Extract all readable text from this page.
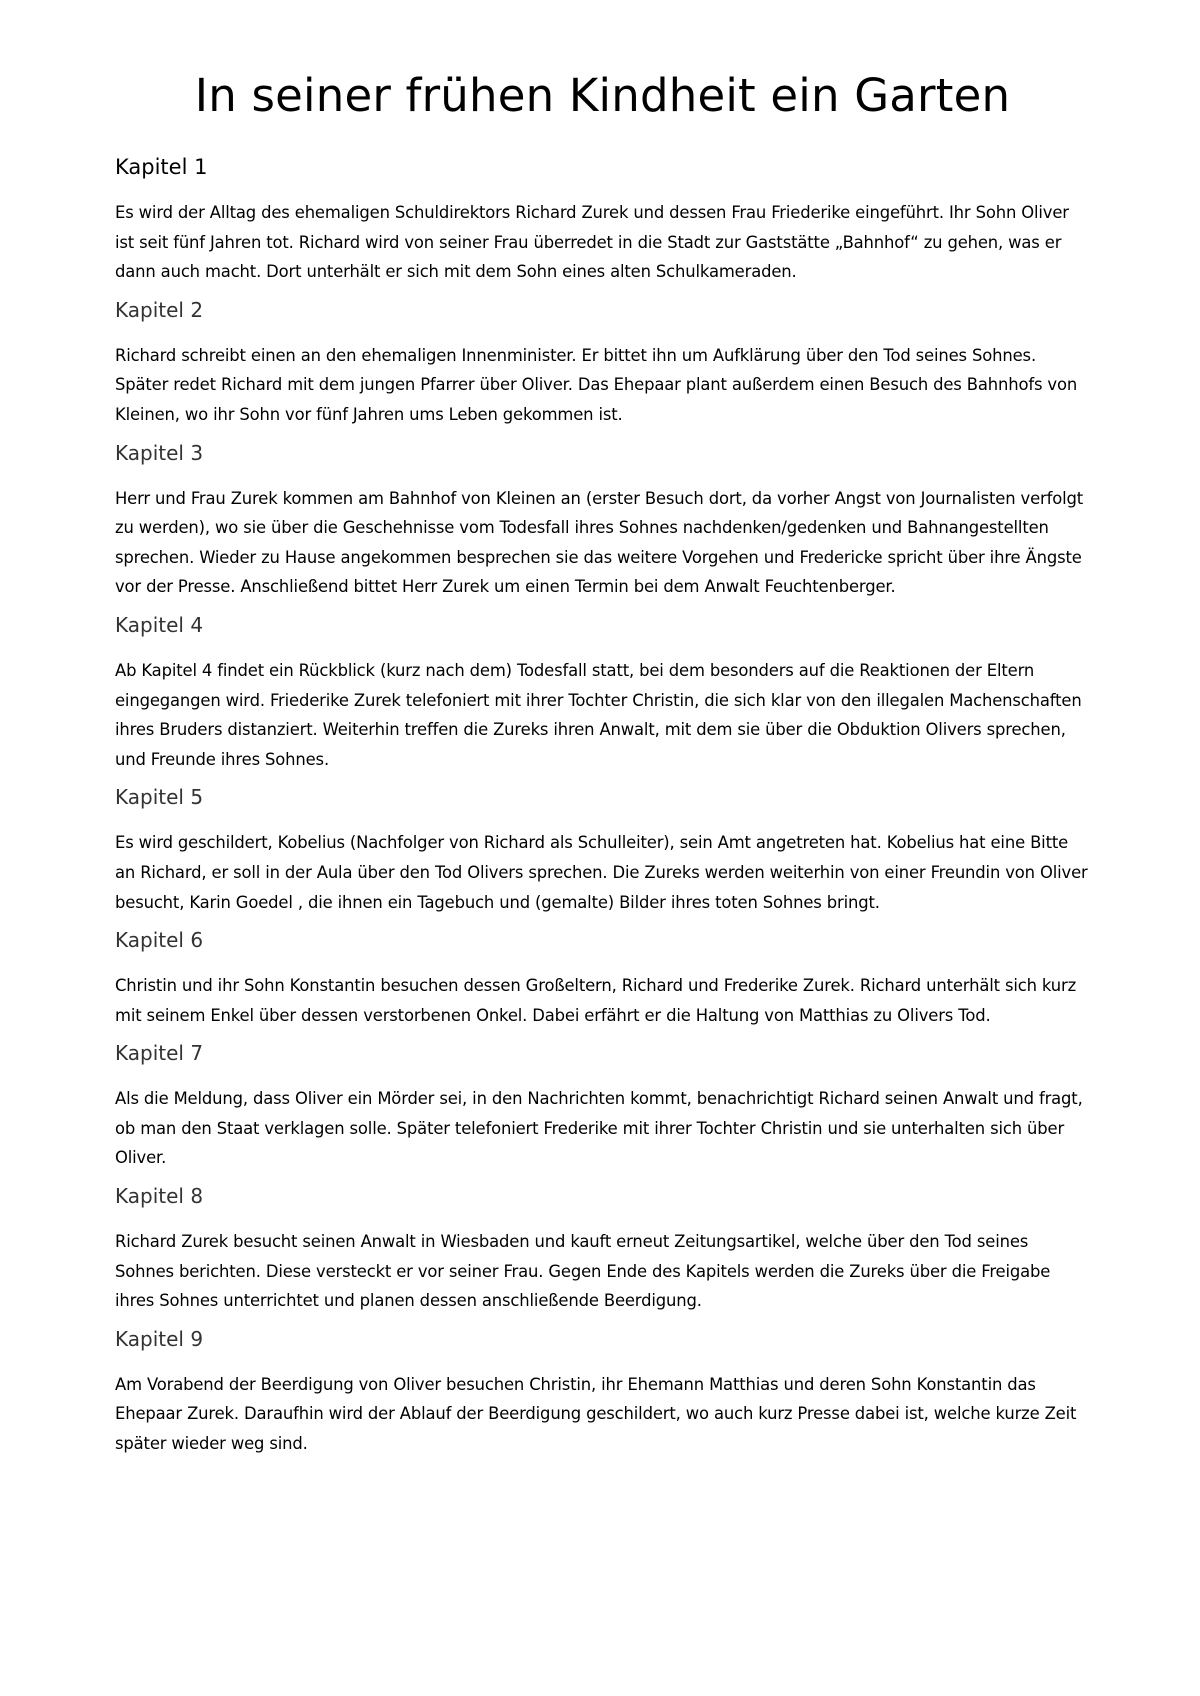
In seiner frühen Kindheit ein Garten
Kapitel 1

Es wird der Alltag des ehemaligen Schuldirektors Richard Zurek und dessen Frau Friederike eingeführt. Ihr Sohn Oliver ist seit fünf Jahren tot. Richard wird von seiner Frau überredet in die Stadt zur Gaststätte „Bahnhof“ zu gehen, was er dann auch macht. Dort unterhält er sich mit dem Sohn eines alten Schulkameraden.

Kapitel 2

Richard schreibt einen an den ehemaligen Innenminister. Er bittet ihn um Aufklärung über den Tod seines Sohnes. Später redet Richard mit dem jungen Pfarrer über Oliver. Das Ehepaar plant außerdem einen Besuch des Bahnhofs von Kleinen, wo ihr Sohn vor fünf Jahren ums Leben gekommen ist.

Kapitel 3

Herr und Frau Zurek kommen am Bahnhof von Kleinen an (erster Besuch dort, da vorher Angst von Journalisten verfolgt zu werden), wo sie über die Geschehnisse vom Todesfall ihres Sohnes nachdenken/gedenken und Bahnangestellten sprechen. Wieder zu Hause angekommen besprechen sie das weitere Vorgehen und Fredericke spricht über ihre Ängste vor der Presse. Anschließend bittet Herr Zurek um einen Termin bei dem Anwalt Feuchtenberger.

Kapitel 4

Ab Kapitel 4 findet ein Rückblick (kurz nach dem) Todesfall statt, bei dem besonders auf die Reaktionen der Eltern eingegangen wird. Friederike Zurek telefoniert mit ihrer Tochter Christin, die sich klar von den illegalen Machenschaften ihres Bruders distanziert. Weiterhin treffen die Zureks ihren Anwalt, mit dem sie über die Obduktion Olivers sprechen, und Freunde ihres Sohnes.

Kapitel 5

Es wird geschildert, Kobelius (Nachfolger von Richard als Schulleiter), sein Amt angetreten hat. Kobelius hat eine Bitte an Richard, er soll in der Aula über den Tod Olivers sprechen. Die Zureks werden weiterhin von einer Freundin von Oliver besucht, Karin Goedel , die ihnen ein Tagebuch und (gemalte) Bilder ihres toten Sohnes bringt.

Kapitel 6

Christin und ihr Sohn Konstantin besuchen dessen Großeltern, Richard und Frederike Zurek. Richard unterhält sich kurz mit seinem Enkel über dessen verstorbenen Onkel. Dabei erfährt er die Haltung von Matthias zu Olivers Tod.

Kapitel 7

Als die Meldung, dass Oliver ein Mörder sei, in den Nachrichten kommt, benachrichtigt Richard seinen Anwalt und fragt, ob man den Staat verklagen solle. Später telefoniert Frederike mit ihrer Tochter Christin und sie unterhalten sich über Oliver.

Kapitel 8

Richard Zurek besucht seinen Anwalt in Wiesbaden und kauft erneut Zeitungsartikel, welche über den Tod seines Sohnes berichten. Diese versteckt er vor seiner Frau. Gegen Ende des Kapitels werden die Zureks über die Freigabe ihres Sohnes unterrichtet und planen dessen anschließende Beerdigung.

Kapitel 9

Am Vorabend der Beerdigung von Oliver besuchen Christin, ihr Ehemann Matthias und deren Sohn Konstantin das Ehepaar Zurek. Daraufhin wird der Ablauf der Beerdigung geschildert, wo auch kurz Presse dabei ist, welche kurze Zeit später wieder weg sind.
